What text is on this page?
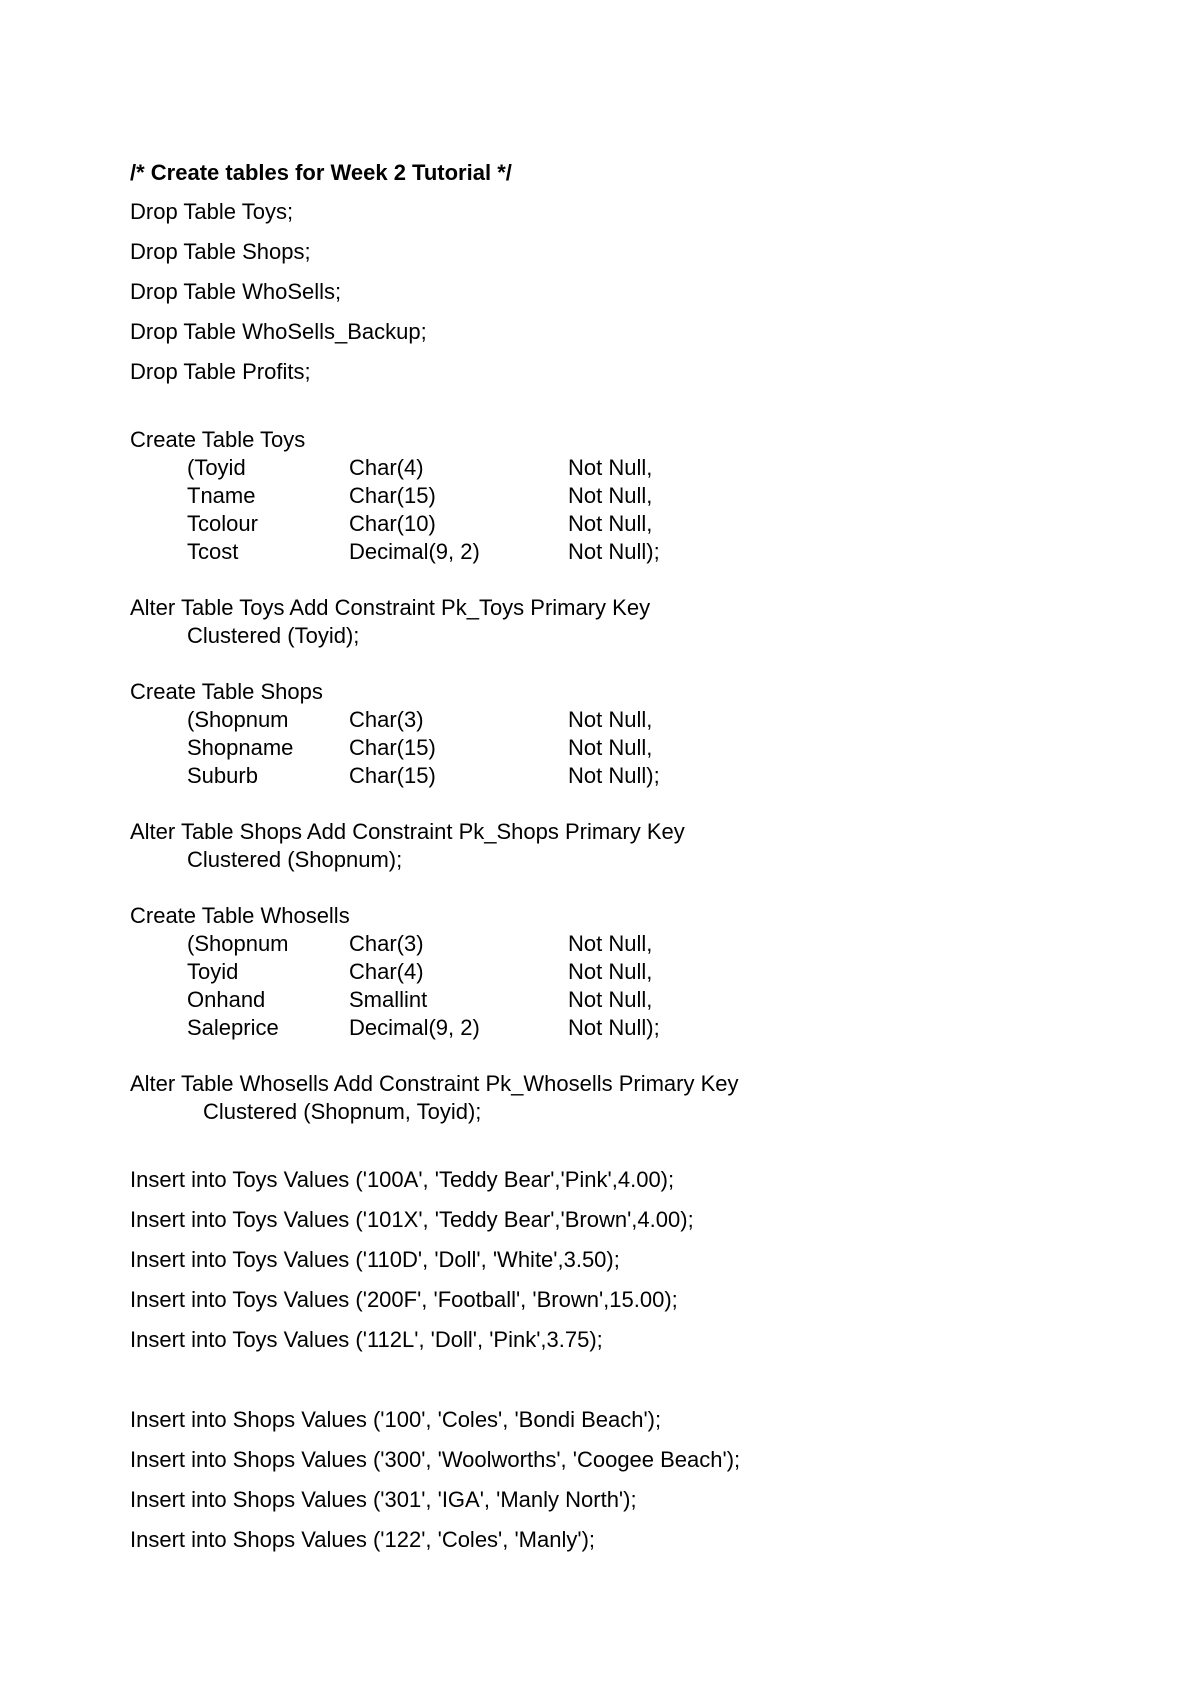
/* Create tables for Week 2 Tutorial */
Drop Table Toys;
Drop Table Shops;
Drop Table WhoSells;
Drop Table WhoSells_Backup;
Drop Table Profits;
Create Table Toys
(Toyid	Char(4)	Not Null,
Tname	Char(15)	Not Null,
Tcolour	Char(10)	Not Null,
Tcost	Decimal(9, 2)	Not Null);
Alter Table Toys Add Constraint Pk_Toys Primary Key
Clustered (Toyid);
Create Table Shops
(Shopnum	Char(3)	Not Null,
Shopname	Char(15)	Not Null,
Suburb	Char(15)	Not Null);
Alter Table Shops Add Constraint Pk_Shops Primary Key
Clustered (Shopnum);
Create Table Whosells
(Shopnum	Char(3)	Not Null,
Toyid	Char(4)	Not Null,
Onhand	Smallint	Not Null,
Saleprice	Decimal(9, 2)	Not Null);
Alter Table Whosells Add Constraint Pk_Whosells Primary Key
Clustered (Shopnum, Toyid);
Insert into Toys Values ('100A', 'Teddy Bear','Pink',4.00);
Insert into Toys Values ('101X', 'Teddy Bear','Brown',4.00);
Insert into Toys Values ('110D', 'Doll', 'White',3.50);
Insert into Toys Values ('200F', 'Football', 'Brown',15.00);
Insert into Toys Values ('112L', 'Doll', 'Pink',3.75);
Insert into Shops Values ('100', 'Coles', 'Bondi Beach');
Insert into Shops Values ('300', 'Woolworths', 'Coogee Beach');
Insert into Shops Values ('301', 'IGA', 'Manly North');
Insert into Shops Values ('122', 'Coles', 'Manly');
